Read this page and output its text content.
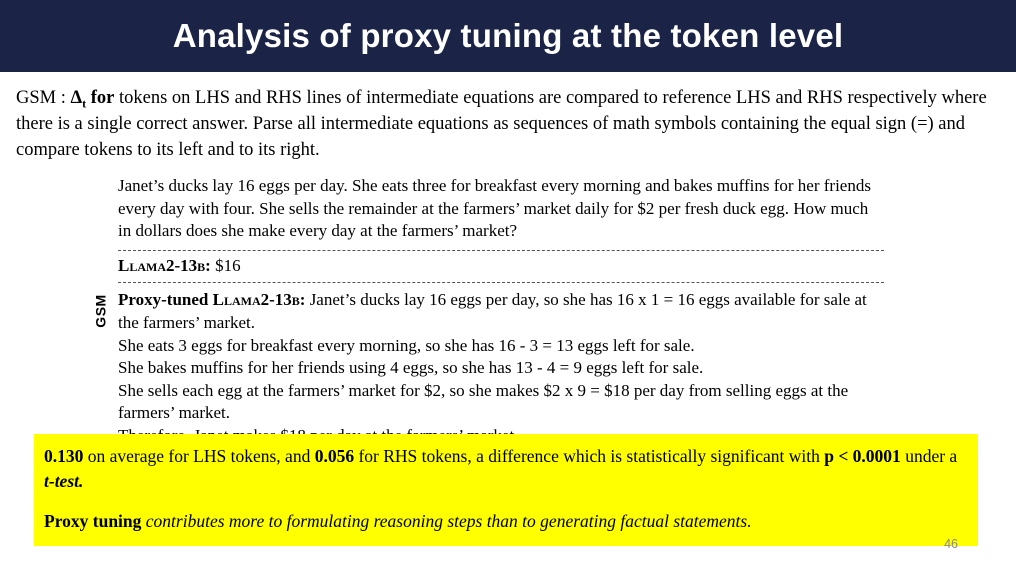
Analysis of proxy tuning at the token level
GSM : $\Delta_t$ for tokens on LHS and RHS lines of intermediate equations are compared to reference LHS and RHS respectively where there is a single correct answer. Parse all intermediate equations as sequences of math symbols containing the equal sign (=) and compare tokens to its left and to its right.
GSM
Janet’s ducks lay 16 eggs per day. She eats three for breakfast every morning and bakes muffins for her friends every day with four. She sells the remainder at the farmers’ market daily for $2 per fresh duck egg. How much in dollars does she make every day at the farmers’ market?
Llama2-13b: $16

Proxy-tuned Llama2-13b: Janet’s ducks lay 16 eggs per day, so she has 16 x 1 = 16 eggs available for sale at the farmers’ market.

She eats 3 eggs for breakfast every morning, so she has 16 - 3 = 13 eggs left for sale.

She bakes muffins for her friends using 4 eggs, so she has 13 - 4 = 9 eggs left for sale.

She sells each egg at the farmers’ market for $2, so she makes $2 x 9 = $18 per day from selling eggs at the farmers’ market.

0.130 on average for LHS tokens, and 0.056 for RHS tokens, a difference which is statistically significant with p < 0.0001 under a t-test.

Proxy tuning contributes more to formulating reasoning steps than to generating factual statements.

46
